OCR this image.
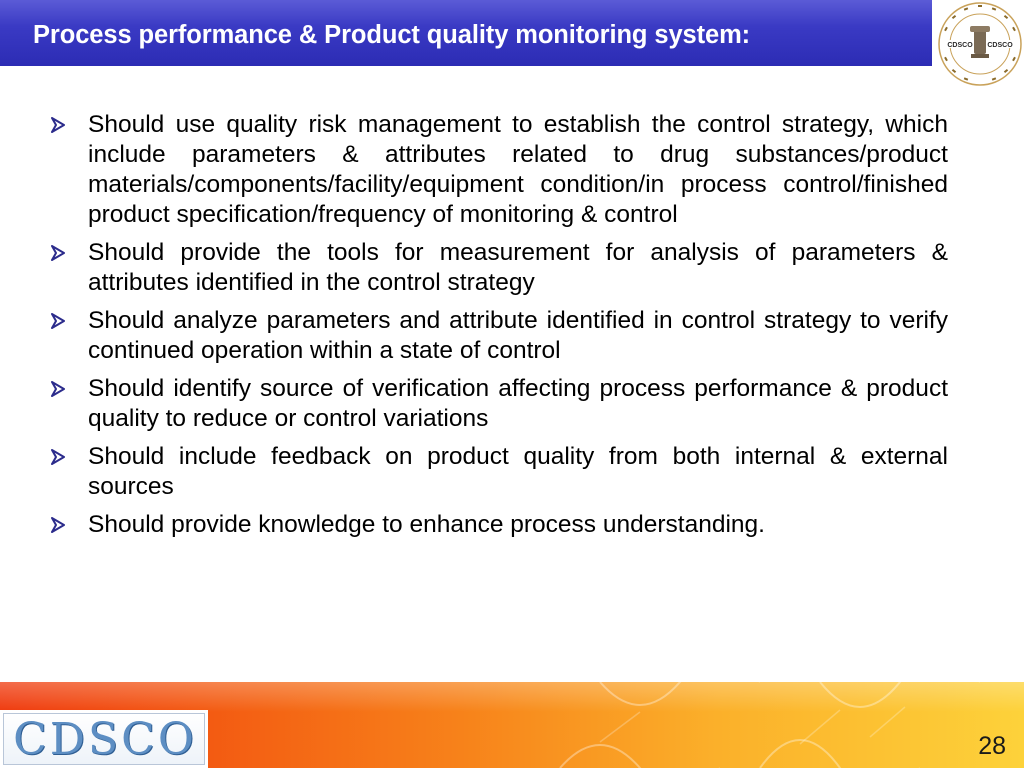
Process performance & Product quality monitoring system:	CDSCO CDSCO
Should use quality risk management to establish the control strategy, which include parameters & attributes related to drug substances/product materials/components/facility/equipment condition/in process control/finished product specification/frequency of monitoring & control
Should provide the tools for measurement for analysis of parameters & attributes identified in the control strategy
Should analyze parameters and attribute identified in control strategy to verify continued operation within a state of control
Should identify source of verification affecting process performance & product quality to reduce or control variations
Should include feedback on product quality from both internal & external sources
Should provide knowledge to enhance process understanding.
CDSCO	28
